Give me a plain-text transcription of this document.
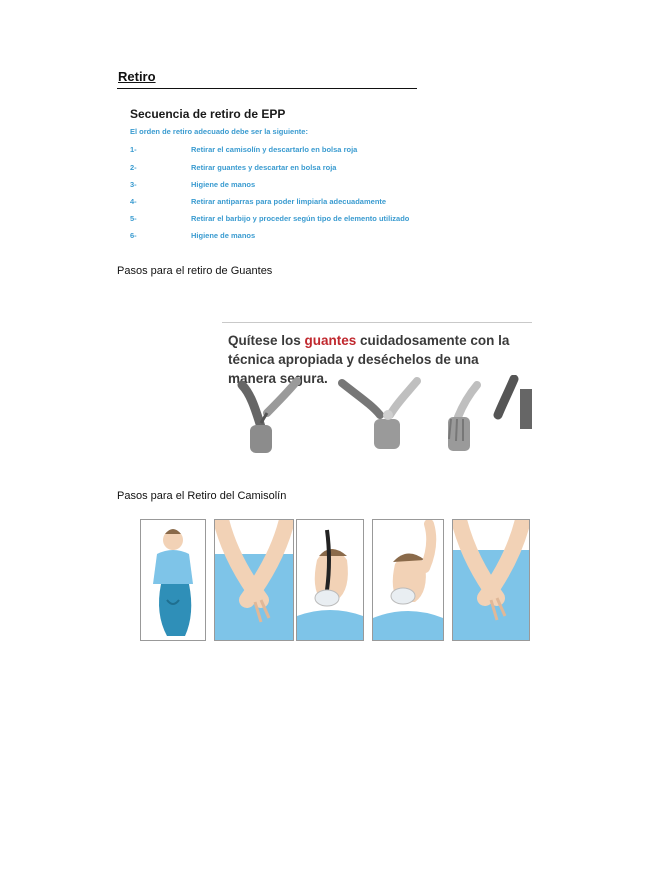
Retiro
Secuencia de retiro de EPP
El orden de retiro adecuado debe ser la siguiente:
1-	Retirar el camisolín y descartarlo en bolsa roja
2-	Retirar guantes y descartar en bolsa roja
3-	Higiene de manos
4-	Retirar antiparras para poder limpiarla adecuadamente
5-	Retirar el barbijo y proceder según tipo de elemento utilizado
6-	Higiene de manos
Pasos para el retiro de Guantes
Quítese los guantes cuidadosamente con la técnica apropiada y deséchelos de una manera segura.
Pasos para el Retiro del Camisolín
